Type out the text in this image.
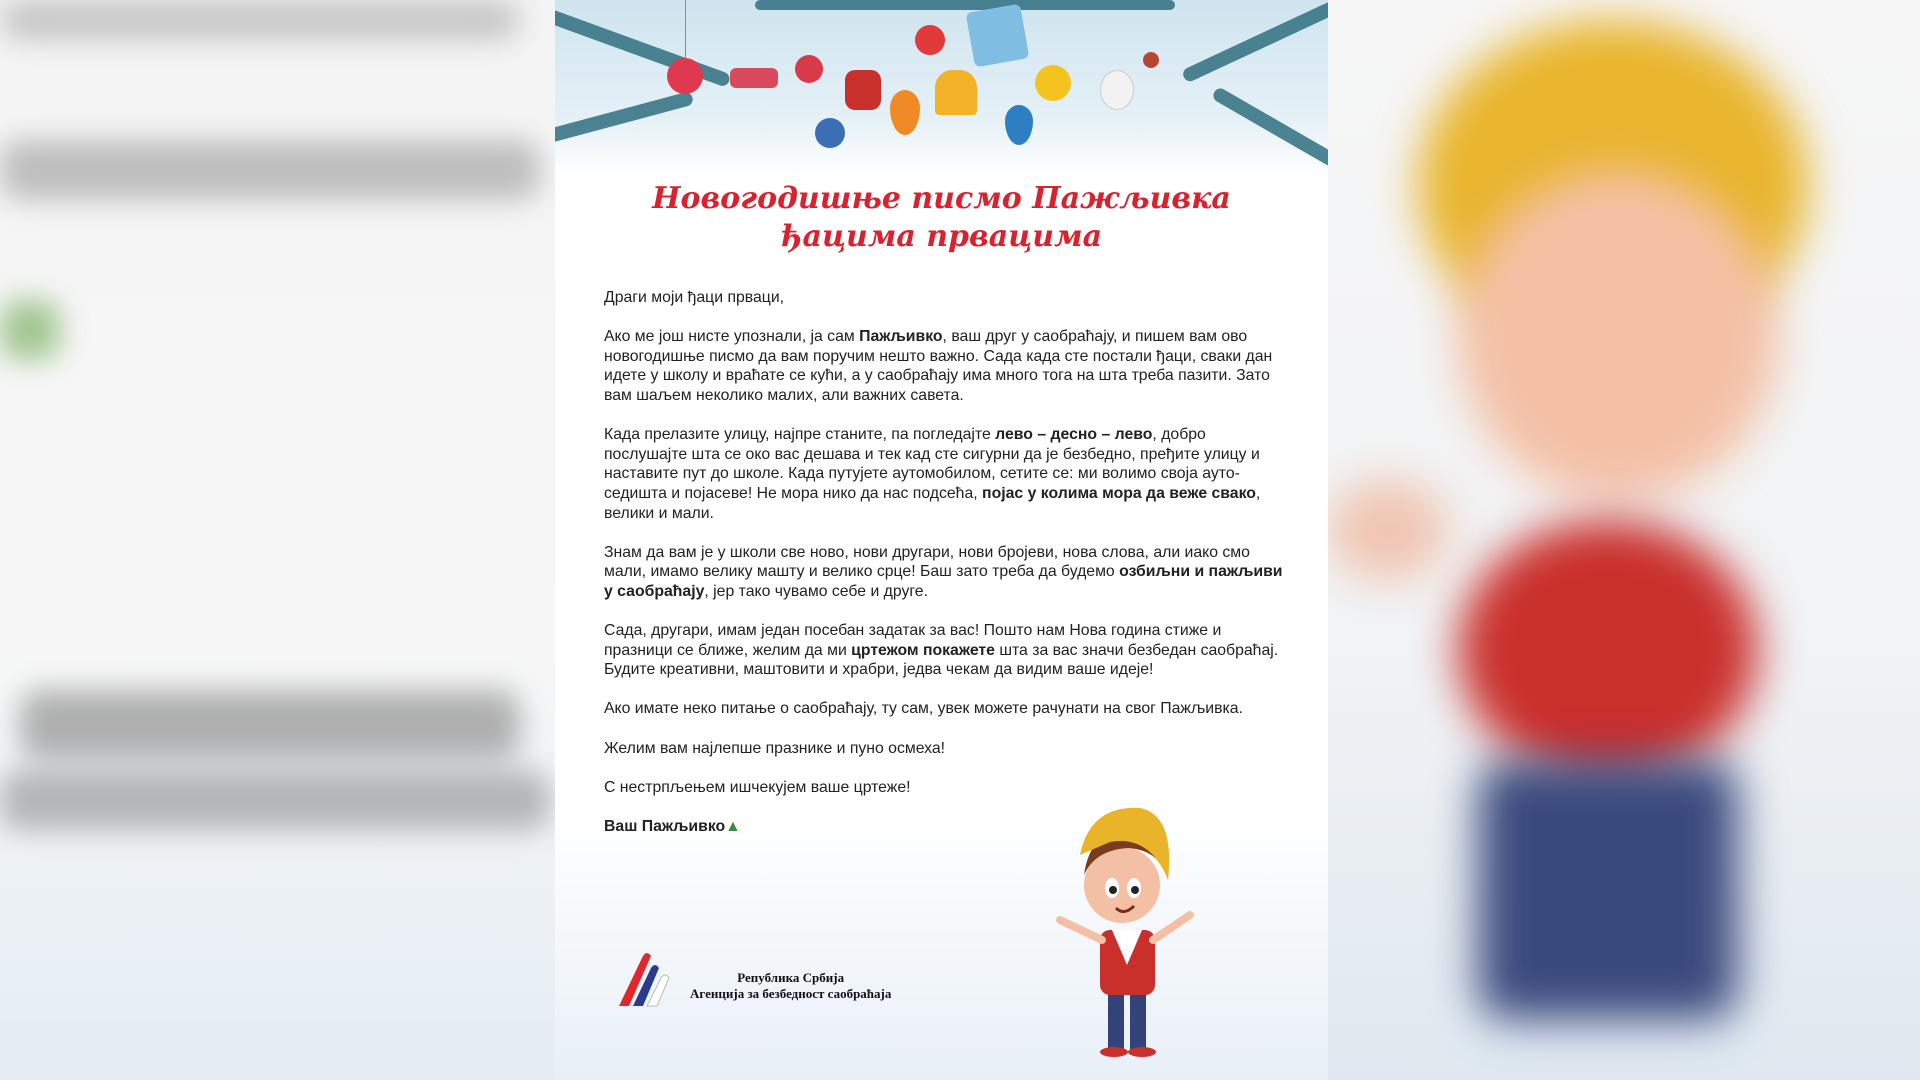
Новогодишње писмо Пажљивка
ђацима првацима

Драги моји ђаци прваци,

Ако ме још нисте упознали, ја сам Пажљивко, ваш друг у саобраћају, и пишем вам ово новогодишње писмо да вам поручим нешто важно. Сада када сте постали ђаци, сваки дан идете у школу и враћате се кући, а у саобраћају има много тога на шта треба пазити. Зато вам шаљем неколико малих, али важних савета.

Када прелазите улицу, најпре станите, па погледајте лево – десно – лево, добро послушајте шта се око вас дешава и тек кад сте сигурни да је безбедно, пређите улицу и наставите пут до школе. Када путујете аутомобилом, сетите се: ми волимо своја ауто-седишта и појасеве! Не мора нико да нас подсећа, појас у колима мора да веже свако, велики и мали.

Знам да вам је у школи све ново, нови другари, нови бројеви, нова слова, али иако смо мали, имамо велику машту и велико срце! Баш зато треба да будемо озбиљни и пажљиви у саобраћају, јер тако чувамо себе и друге.

Сада, другари, имам један посебан задатак за вас! Пошто нам Нова година стиже и празници се ближе, желим да ми цртежом покажете шта за вас значи безбедан саобраћај. Будите креативни, маштовити и храбри, једва чекам да видим ваше идеје!

Ако имате неко питање о саобраћају, ту сам, увек можете рачунати на свог Пажљивка.

Желим вам најлепше празнике и пуно осмеха!

С нестрпљењем ишчекујем ваше цртеже!

Ваш Пажљивко▲

Република Србија
Агенција за безбедност саобраћаја
